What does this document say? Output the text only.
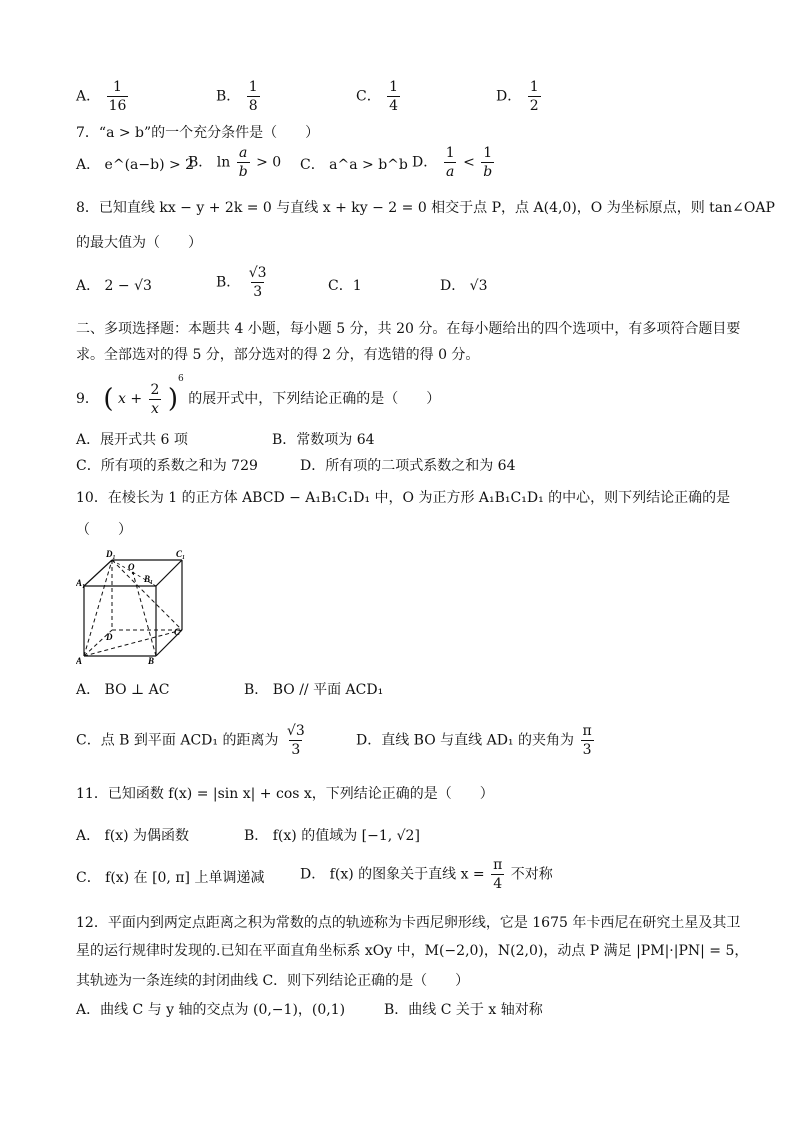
A． $\frac{1}{16}$	B． $\frac{1}{8}$	C． $\frac{1}{4}$	D． $\frac{1}{2}$
7．“a > b”的一个充分条件是（　　）
A． e^(a−b) > 2
B． $\ln \frac{a}{b} > 0$ C． a^a > b^b D． $\frac{1}{a} < \frac{1}{b}$
8．已知直线 kx − y + 2k = 0 与直线 x + ky − 2 = 0 相交于点 P，点 A(4,0)，O 为坐标原点，则 tan∠OAP
的最大值为（　　）
A． 2 − √3	B． $\frac{√3}{3}$	C．1	D． √3
二、多项选择题：本题共 4 小题，每小题 5 分，共 20 分。在每小题给出的四个选项中，有多项符合题目要
求。全部选对的得 5 分，部分选对的得 2 分，有选错的得 0 分。
9． ( $x + \frac{2}{x} )^6$ 的展开式中，下列结论正确的是（　　）
A．展开式共 6 项	B．常数项为 64
C．所有项的系数之和为 729	D．所有项的二项式系数之和为 64
10．在棱长为 1 的正方体 ABCD − A₁B₁C₁D₁ 中，O 为正方形 A₁B₁C₁D₁ 的中心，则下列结论正确的是
（　　）
D₁	C₁
A₁	B₁
O
D	C
A	B
A． BO ⊥ AC	B． BO // 平面 ACD₁
C．点 B 到平面 ACD₁ 的距离为 $\frac{√3}{3}$	D．直线 BO 与直线 AD₁ 的夹角为 $\frac{\pi}{3}$
11．已知函数 f(x) = |sin x| + cos x，下列结论正确的是（　　）
A． f(x) 为偶函数	B． f(x) 的值域为 [−1, √2]
C． f(x) 在 [0, π] 上单调递减	D． f(x) 的图象关于直线 $x = \frac{\pi}{4}$ 不对称
12．平面内到两定点距离之积为常数的点的轨迹称为卡西尼卵形线，它是 1675 年卡西尼在研究土星及其卫
星的运行规律时发现的.已知在平面直角坐标系 xOy 中，M(−2,0)，N(2,0)，动点 P 满足 |PM|·|PN| = 5，
其轨迹为一条连续的封闭曲线 C．则下列结论正确的是（　　）
A．曲线 C 与 y 轴的交点为 (0,−1)，(0,1)	B．曲线 C 关于 x 轴对称
